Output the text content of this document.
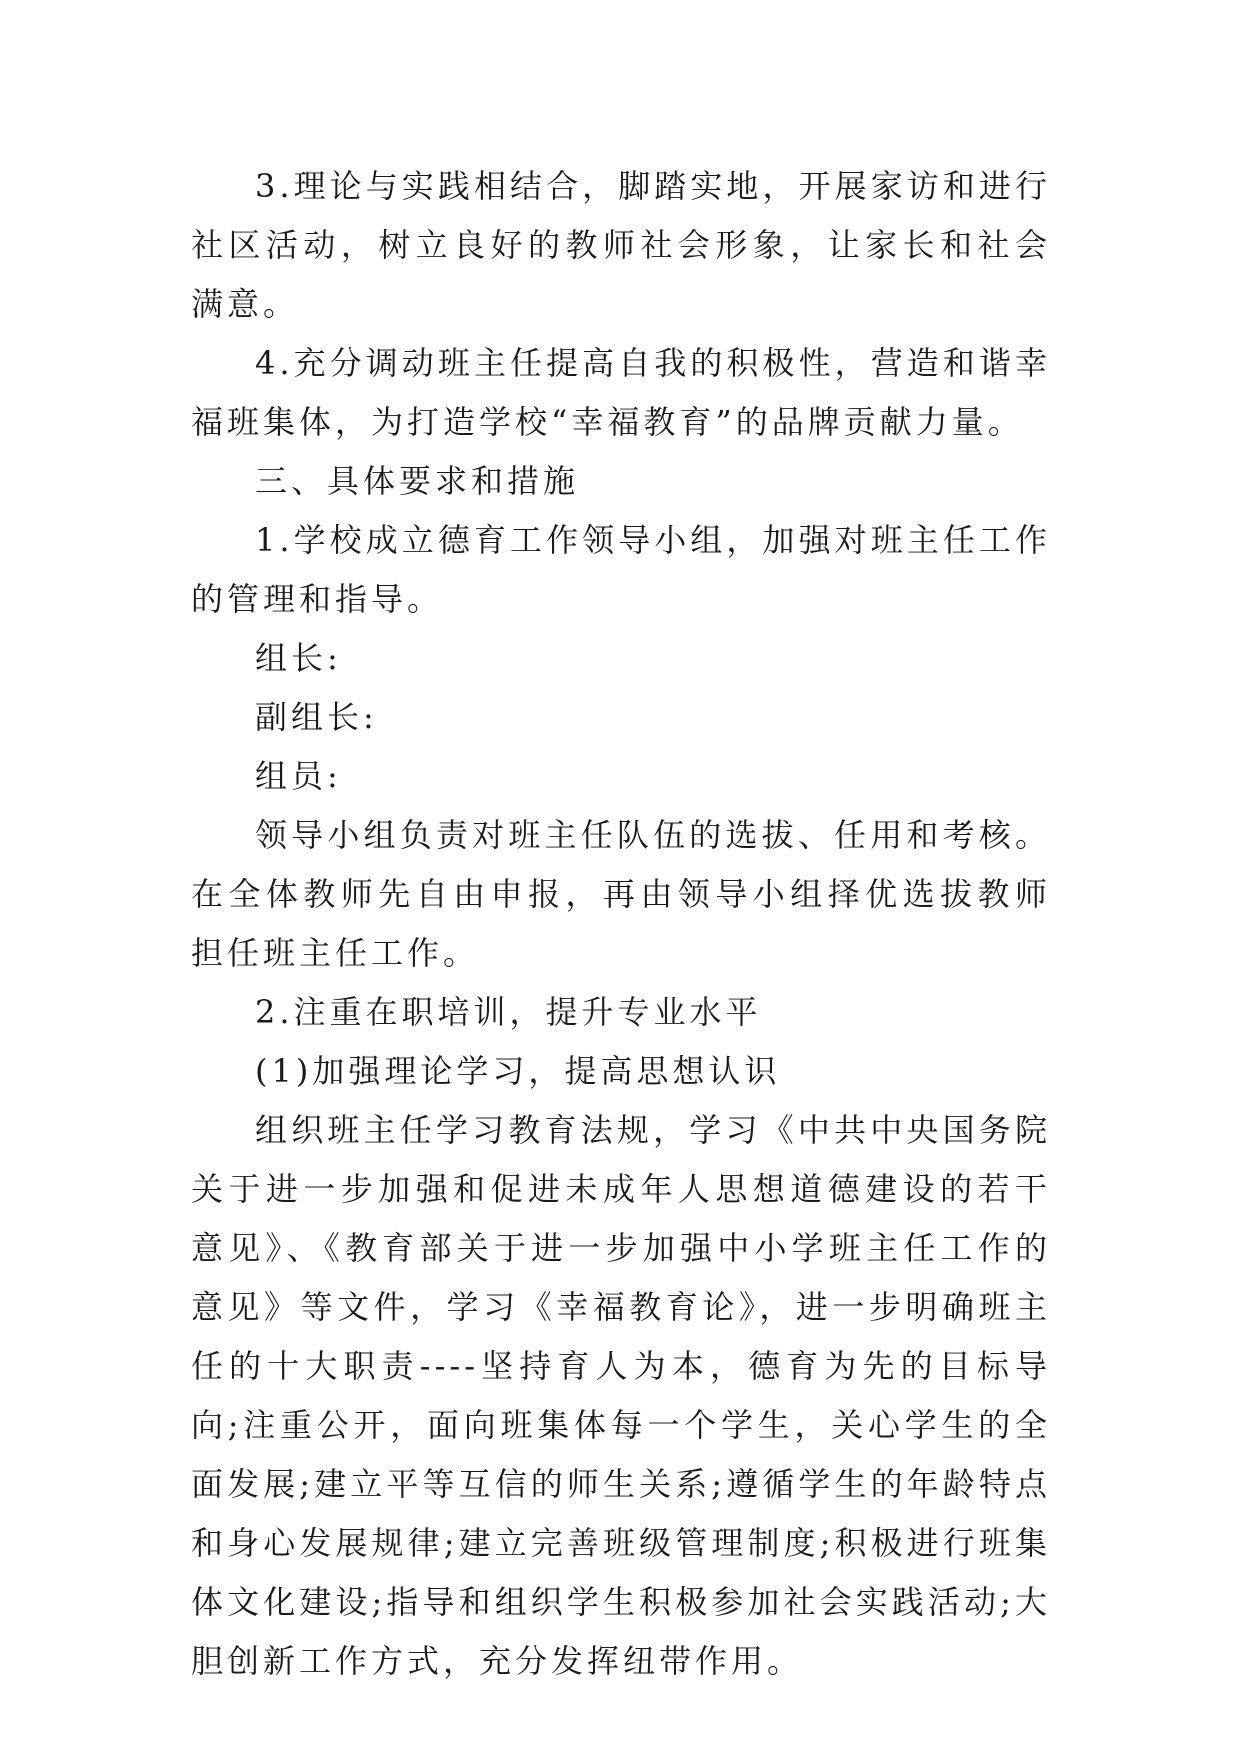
3.理论与实践相结合，脚踏实地，开展家访和进行社区活动，树立良好的教师社会形象，让家长和社会满意。

4.充分调动班主任提高自我的积极性，营造和谐幸福班集体，为打造学校“幸福教育”的品牌贡献力量。

三、具体要求和措施

1.学校成立德育工作领导小组，加强对班主任工作的管理和指导。

组长:

副组长:

组员:

领导小组负责对班主任队伍的选拔、任用和考核。在全体教师先自由申报，再由领导小组择优选拔教师担任班主任工作。

2.注重在职培训，提升专业水平

(1)加强理论学习，提高思想认识

组织班主任学习教育法规，学习《中共中央国务院关于进一步加强和促进未成年人思想道德建设的若干意见》、《教育部关于进一步加强中小学班主任工作的意见》等文件，学习《幸福教育论》，进一步明确班主任的十大职责----坚持育人为本，德育为先的目标导向;注重公开，面向班集体每一个学生，关心学生的全面发展;建立平等互信的师生关系;遵循学生的年龄特点和身心发展规律;建立完善班级管理制度;积极进行班集体文化建设;指导和组织学生积极参加社会实践活动;大胆创新工作方式，充分发挥纽带作用。
